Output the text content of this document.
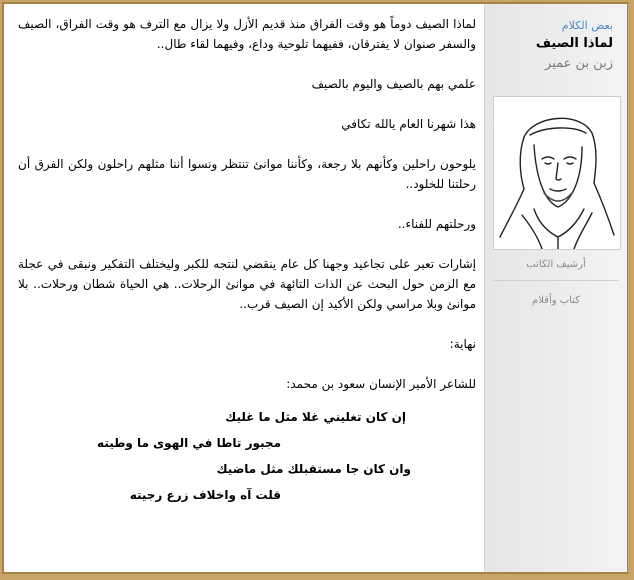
لماذا الصيف دوماً هو وقت الفراق منذ قديم الأزل ولا يزال مع الترف هو وقت الفراق، الصيف والسفر صنوان لا يفترقان، ففيهما تلوحية وداع، وفيهما لقاء طال..

علمي بهم بالصيف واليوم بالصيف

هذا شهرنا العام يالله تكافي

يلوحون راحلين وكأنهم بلا رجعة، وكأننا موانئ تنتظر ونسوا أننا مثلهم راحلون ولكن الفرق أن رحلتنا للخلود..

ورحلتهم للفناء..

إشارات تعبر على تجاعيد وجهنا كل عام ينقضي لنتجه للكبر وليختلف التفكير ونبقى في عجلة مع الزمن حول البحث عن الذات التائهة في موانئ الرحلات.. هي الحياة شطان ورحلات.. بلا موانئ وبلا مراسي ولكن الأكيد إن الصيف قرب..

نهاية:

للشاعر الأمير الإنسان سعود بن محمد:

إن كان تغليني غلا مثل ما غليك
مجبور تاطا في الهوى ما وطيته
وان كان جا مستقبلك مثل ماضيك
قلت آه واخلاف زرع رجيته
بعض الكلام
لماذا الصيف
زبن بن عمير
أرشيف الكاتب
كتاب وأقلام
